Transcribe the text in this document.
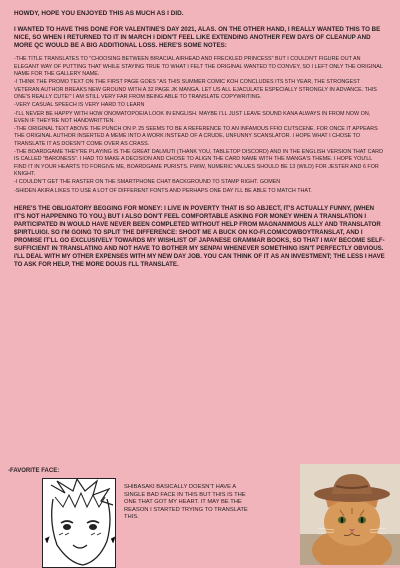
HOWDY, HOPE YOU ENJOYED THIS AS MUCH AS I DID.

I WANTED TO HAVE THIS DONE FOR VALENTINE'S DAY 2021, ALAS. ON THE OTHER HAND, I REALLY WANTED THIS TO BE NICE, SO WHEN I RETURNED TO IT IN MARCH I DIDN'T FEEL LIKE EXTENDING ANOTHER FEW DAYS OF CLEANUP AND MORE QC WOULD BE A BIG ADDITIONAL LOSS. HERE'S SOME NOTES:

-THE TITLE TRANSLATES TO "CHOOSING BETWEEN BIRACIAL AIRHEAD AND FRECKLED PRINCESS" BUT I COULDN'T FIGURE OUT AN ELEGANT WAY OF PUTTING THAT WHILE STAYING TRUE TO WHAT I FELT THE ORIGINAL WANTED TO CONVEY, SO I LEFT ONLY THE ORIGINAL NAME FOR THE GALLERY NAME.

-I THINK THE PROMO TEXT ON THE FIRST PAGE GOES "AS THIS SUMMER COMIC KOH CONCLUDES ITS 5TH YEAR, THE STRONGEST VETERAN AUTHOR BREAKS NEW GROUND WITH A 32 PAGE JK MANGA. LET US ALL EJACULATE ESPECIALLY STRONGLY IN ADVANCE. THIS ONE'S REALLY CUTE!" I AM STILL VERY FAR FROM BEING ABLE TO TRANSLATE COPYWRITING.

-VERY CASUAL SPEECH IS VERY HARD TO LEARN

-I'LL NEVER BE HAPPY WITH HOW ONOMATOPOEIA LOOK IN ENGLISH. MAYBE I'LL JUST LEAVE SOUND KANA ALWAYS IN FROM NOW ON, EVEN IF THEY'RE NOT HANDWRITTEN.

-THE ORIGINAL TEXT ABOVE THE PUNCH ON P. 25 SEEMS TO BE A REFERENCE TO AN INFAMOUS FFIO CUTSCENE. FOR ONCE IT APPEARS THE ORIGINAL AUTHOR INSERTED A MEME INTO A WORK INSTEAD OF A CRUDE, UNFUNNY SCANSLATOR. I HOPE WHAT I CHOSE TO TRANSLATE IT AS DOESN'T COME OVER AS CRASS.

-THE BOARDGAME THEY'RE PLAYING IS THE GREAT DALMUTI (THANK YOU, TABLETOP DISCORD) AND IN THE ENGLISH VERSION THAT CARD IS CALLED "BARONESS". I HAD TO MAKE A DECISION AND CHOSE TO ALIGN THE CARD NAME WITH THE MANGA'S THEME. I HOPE YOU'LL FIND IT IN YOUR HEARTS TO FORGIVE ME, BOARDGAME PURISTS. FWIW, NUMERIC VALUES SHOULD BE 13 (WILD) FOR JESTER AND 6 FOR KNIGHT.

-I COULDN'T GET THE RASTER ON THE SMARTPHONE CHAT BACKGROUND TO STAMP RIGHT. GOMEN

-SHIDEN AKIRA LIKES TO USE A LOT OF DIFFERENT FONTS AND PERHAPS ONE DAY I'LL BE ABLE TO MATCH THAT.

HERE'S THE OBLIGATORY BEGGING FOR MONEY: I LIVE IN POVERTY THAT IS SO ABJECT, IT'S ACTUALLY FUNNY, (WHEN IT'S NOT HAPPENING TO YOU,) BUT I ALSO DON'T FEEL COMFORTABLE ASKING FOR MONEY WHEN A TRANSLATION I PARTICIPATED IN WOULD HAVE NEVER BEEN COMPLETED WITHOUT HELP FROM MAGNANIMOUS ALLY AND TRANSLATOR $PIRTLUIGI. SO I'M GOING TO SPLIT THE DIFFERENCE: SHOOT ME A BUCK ON KO-FI.COM/COWBOYTRANSLAT, AND I PROMISE IT'LL GO EXCLUSIVELY TOWARDS MY WISHLIST OF JAPANESE GRAMMAR BOOKS, SO THAT I MAY BECOME SELF-SUFFICIENT IN TRANSLATING AND NOT HAVE TO BOTHER MY SENPAI WHENEVER SOMETHING ISN'T PERFECTLY OBVIOUS. I'LL DEAL WITH MY OTHER EXPENSES WITH MY NEW DAY JOB. YOU CAN THINK OF IT AS AN INVESTMENT; THE LESS I HAVE TO ASK FOR HELP, THE MORE DOUJS I'LL TRANSLATE.

-FAVORITE FACE:
SHIBASAKI BASICALLY DOESN'T HAVE A SINGLE BAD FACE IN THIS BUT THIS IS THE ONE THAT GOT MY HEART. IT MAY BE THE REASON I STARTED TRYING TO TRANSLATE THIS.
